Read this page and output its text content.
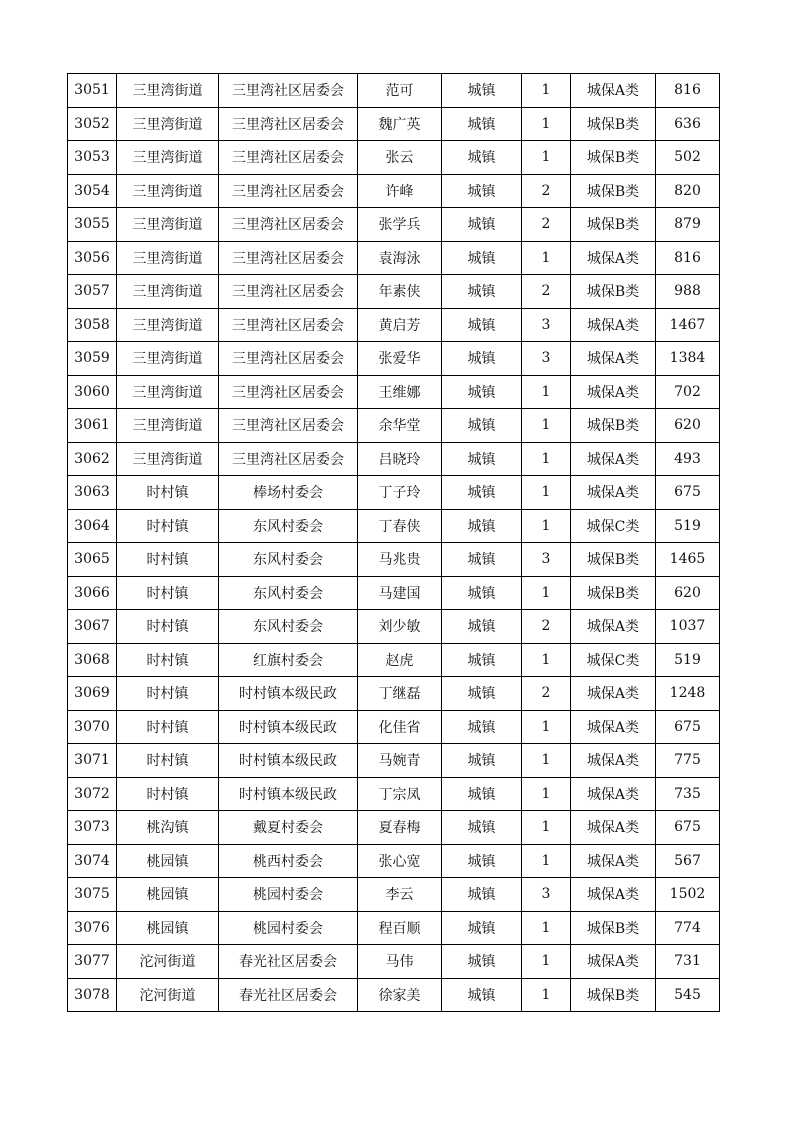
3051	三里湾街道	三里湾社区居委会	范可	城镇	1	城保A类	816
3052	三里湾街道	三里湾社区居委会	魏广英	城镇	1	城保B类	636
3053	三里湾街道	三里湾社区居委会	张云	城镇	1	城保B类	502
3054	三里湾街道	三里湾社区居委会	许峰	城镇	2	城保B类	820
3055	三里湾街道	三里湾社区居委会	张学兵	城镇	2	城保B类	879
3056	三里湾街道	三里湾社区居委会	袁海泳	城镇	1	城保A类	816
3057	三里湾街道	三里湾社区居委会	年素侠	城镇	2	城保B类	988
3058	三里湾街道	三里湾社区居委会	黄启芳	城镇	3	城保A类	1467
3059	三里湾街道	三里湾社区居委会	张爱华	城镇	3	城保A类	1384
3060	三里湾街道	三里湾社区居委会	王维娜	城镇	1	城保A类	702
3061	三里湾街道	三里湾社区居委会	余华堂	城镇	1	城保B类	620
3062	三里湾街道	三里湾社区居委会	吕晓玲	城镇	1	城保A类	493
3063	时村镇	棒场村委会	丁子玲	城镇	1	城保A类	675
3064	时村镇	东风村委会	丁春侠	城镇	1	城保C类	519
3065	时村镇	东风村委会	马兆贵	城镇	3	城保B类	1465
3066	时村镇	东风村委会	马建国	城镇	1	城保B类	620
3067	时村镇	东风村委会	刘少敏	城镇	2	城保A类	1037
3068	时村镇	红旗村委会	赵虎	城镇	1	城保C类	519
3069	时村镇	时村镇本级民政	丁继磊	城镇	2	城保A类	1248
3070	时村镇	时村镇本级民政	化佳省	城镇	1	城保A类	675
3071	时村镇	时村镇本级民政	马婉青	城镇	1	城保A类	775
3072	时村镇	时村镇本级民政	丁宗凤	城镇	1	城保A类	735
3073	桃沟镇	戴夏村委会	夏春梅	城镇	1	城保A类	675
3074	桃园镇	桃西村委会	张心宽	城镇	1	城保A类	567
3075	桃园镇	桃园村委会	李云	城镇	3	城保A类	1502
3076	桃园镇	桃园村委会	程百顺	城镇	1	城保B类	774
3077	沱河街道	春光社区居委会	马伟	城镇	1	城保A类	731
3078	沱河街道	春光社区居委会	徐家美	城镇	1	城保B类	545
